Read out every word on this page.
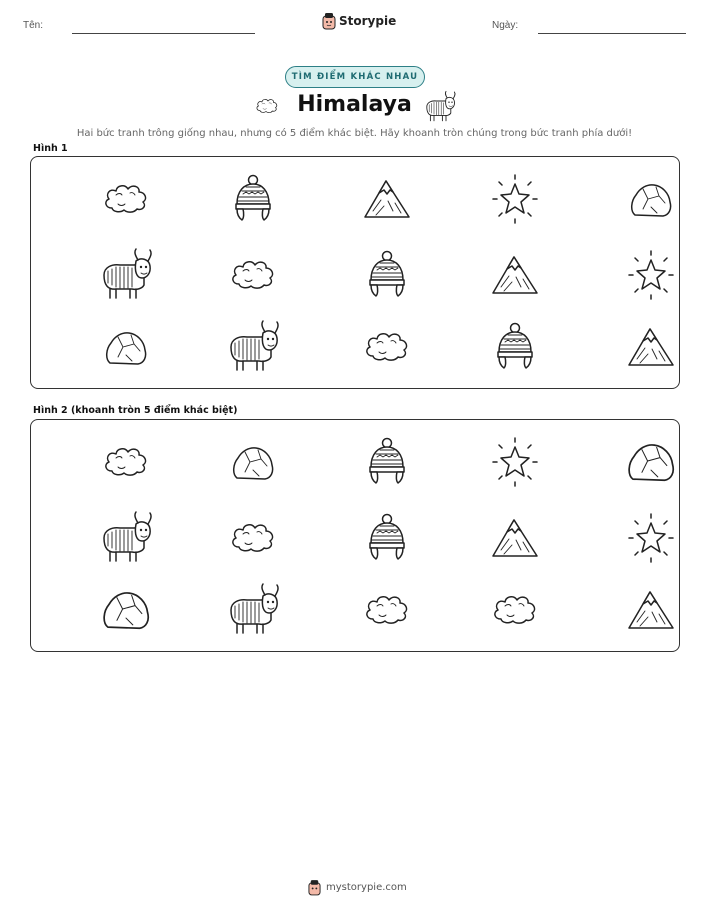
Tên:	Storypie	Ngày:
TÌM ĐIỂM KHÁC NHAU
Himalaya
Hai bức tranh trông giống nhau, nhưng có 5 điểm khác biệt. Hãy khoanh tròn chúng trong bức tranh phía dưới!
Hình 1
Hình 2 (khoanh tròn 5 điểm khác biệt)
mystorypie.com
